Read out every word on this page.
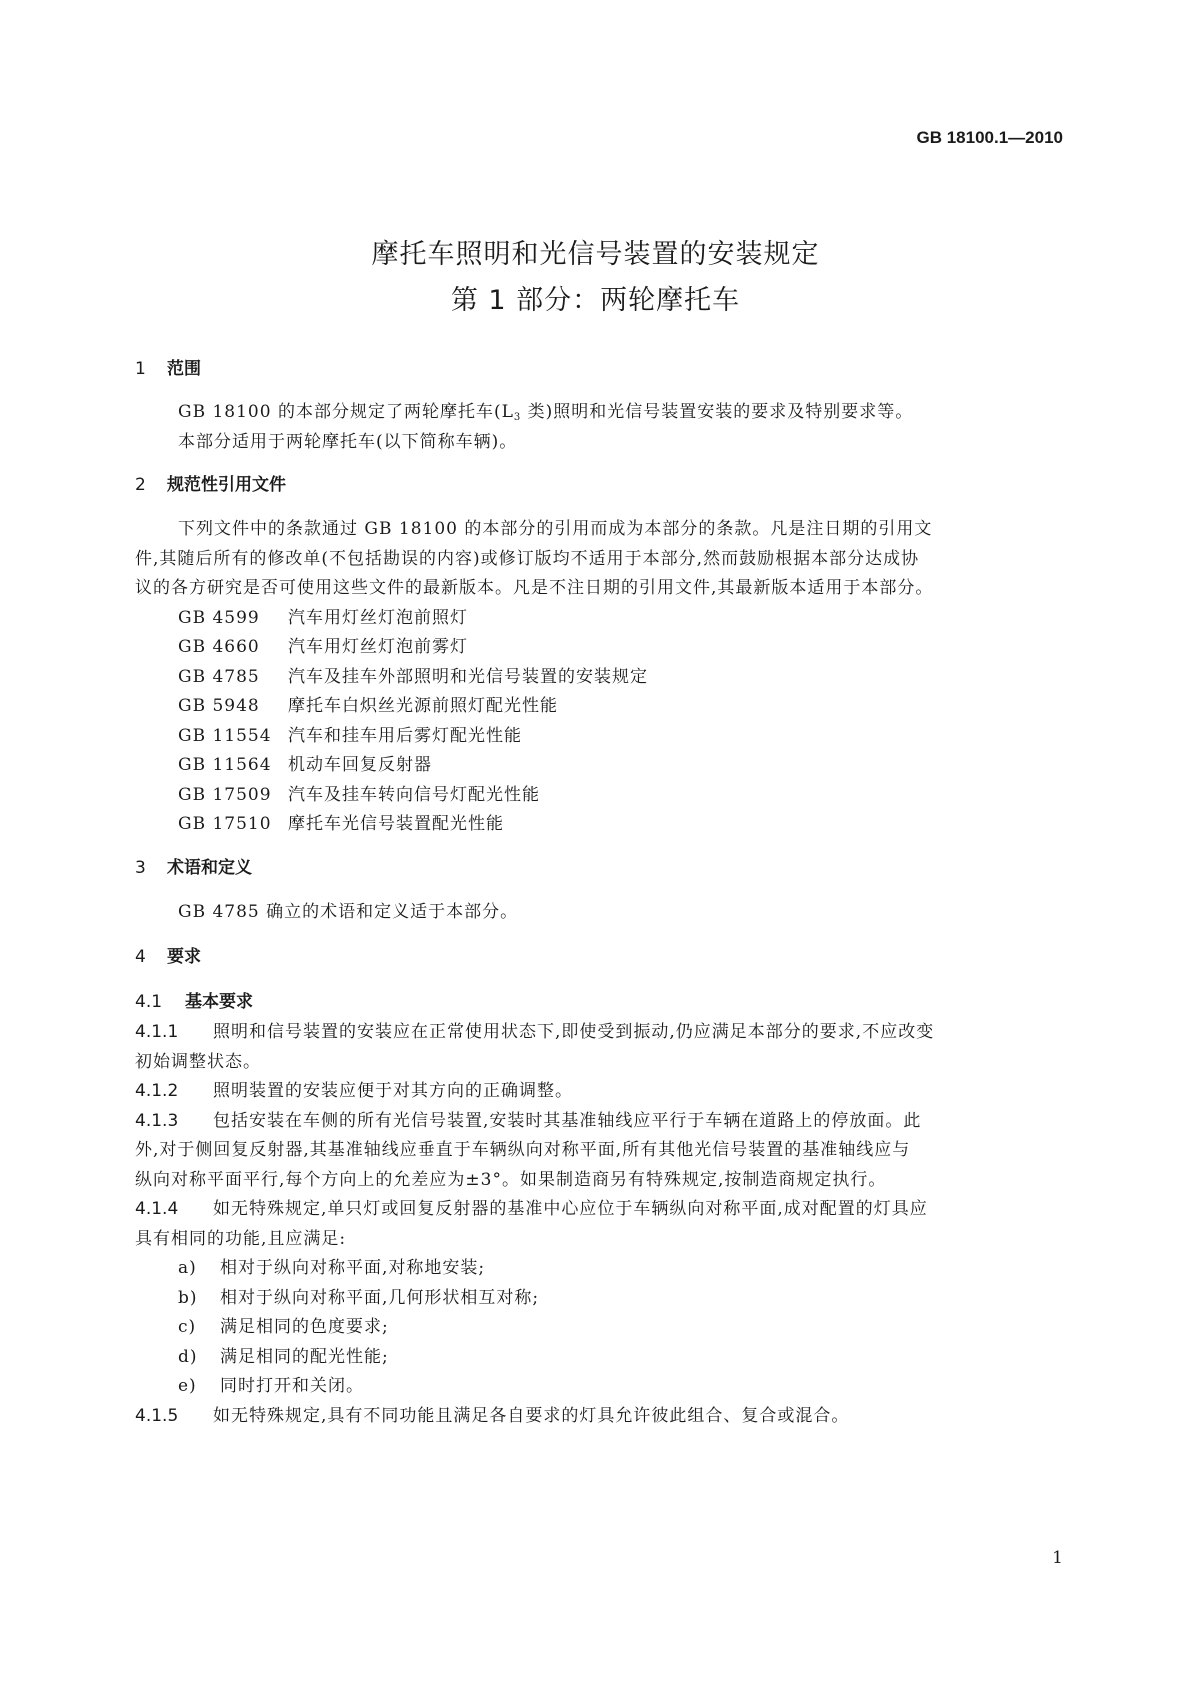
GB 18100.1—2010
摩托车照明和光信号装置的安装规定
第 1 部分：两轮摩托车
1 范围
GB 18100 的本部分规定了两轮摩托车($L_3$ 类)照明和光信号装置安装的要求及特别要求等。
本部分适用于两轮摩托车(以下简称车辆)。
2 规范性引用文件
下列文件中的条款通过 GB 18100 的本部分的引用而成为本部分的条款。凡是注日期的引用文
件,其随后所有的修改单(不包括勘误的内容)或修订版均不适用于本部分,然而鼓励根据本部分达成协
议的各方研究是否可使用这些文件的最新版本。凡是不注日期的引用文件,其最新版本适用于本部分。
GB 4599 汽车用灯丝灯泡前照灯
GB 4660 汽车用灯丝灯泡前雾灯
GB 4785 汽车及挂车外部照明和光信号装置的安装规定
GB 5948 摩托车白炽丝光源前照灯配光性能
GB 11554 汽车和挂车用后雾灯配光性能
GB 11564 机动车回复反射器
GB 17509 汽车及挂车转向信号灯配光性能
GB 17510 摩托车光信号装置配光性能
3 术语和定义
GB 4785 确立的术语和定义适于本部分。
4 要求
4.1 基本要求
4.1.1 照明和信号装置的安装应在正常使用状态下,即使受到振动,仍应满足本部分的要求,不应改变
初始调整状态。
4.1.2 照明装置的安装应便于对其方向的正确调整。
4.1.3 包括安装在车侧的所有光信号装置,安装时其基准轴线应平行于车辆在道路上的停放面。此
外,对于侧回复反射器,其基准轴线应垂直于车辆纵向对称平面,所有其他光信号装置的基准轴线应与
纵向对称平面平行,每个方向上的允差应为±3°。如果制造商另有特殊规定,按制造商规定执行。
4.1.4 如无特殊规定,单只灯或回复反射器的基准中心应位于车辆纵向对称平面,成对配置的灯具应
具有相同的功能,且应满足:
a) 相对于纵向对称平面,对称地安装;
b) 相对于纵向对称平面,几何形状相互对称;
c) 满足相同的色度要求;
d) 满足相同的配光性能;
e) 同时打开和关闭。
4.1.5 如无特殊规定,具有不同功能且满足各自要求的灯具允许彼此组合、复合或混合。
1
